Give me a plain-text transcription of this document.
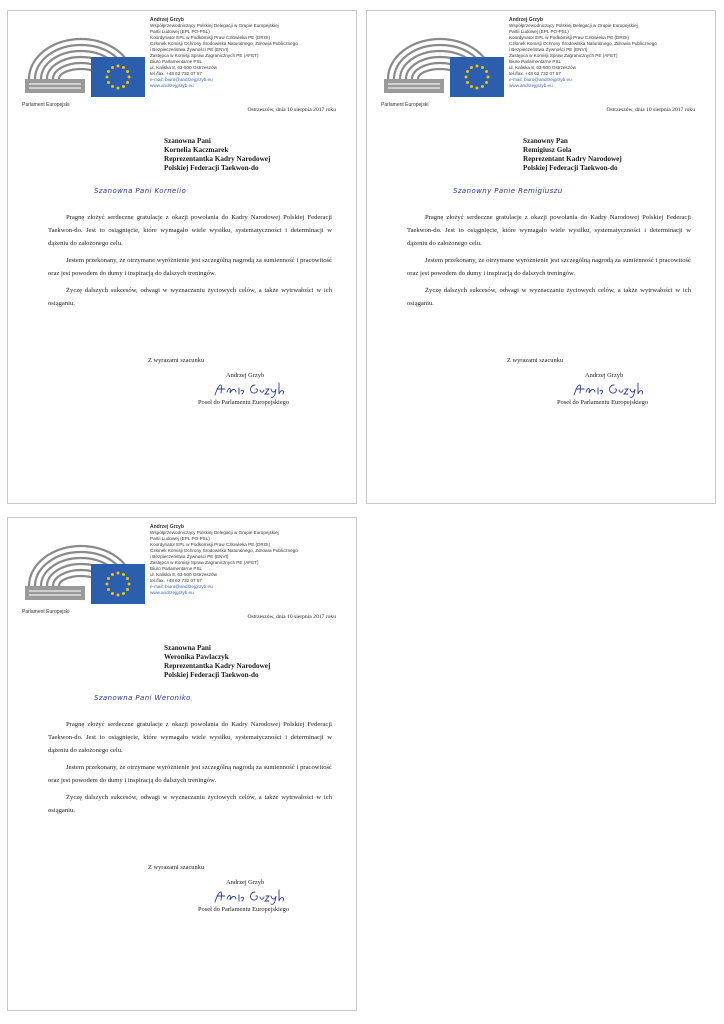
Parlament Europejski
Andrzej Grzyb
Współprzewodniczący Polskiej Delegacji w Grupie Europejskiej
Partii Ludowej (EPL PO-PSL)
Koordynator EPL w Podkomisji Praw Człowieka PE (DROI)
Członek Komisji Ochrony Środowiska Naturalnego, Zdrowia Publicznego
i Bezpieczeństwa Żywności PE (ENVI)
Zastępca w Komisji Spraw Zagranicznych PE (AFET)
Biuro Parlamentarne PSL
ul. Kaliska 8, 63-500 Ostrzeszów
tel./fax. +48 62 732 07 57
e-mail: biuro@andrzejgrzyb.eu
www.andrzejgrzyb.eu
Ostrzeszów, dnia 10 sierpnia 2017 roku
Szanowna Pani
Kornelia Kaczmarek
Reprezentantka Kadry Narodowej
Polskiej Federacji Taekwon-do
Szanowna Pani Kornelio

Pragnę złożyć serdeczne gratulacje z okazji powołania do Kadry Narodowej Polskiej Federacji Taekwon-do. Jest to osiągnięcie, które wymagało wiele wysiłku, systematyczności i determinacji w dążeniu do założonego celu.

Jestem przekonany, że otrzymane wyróżnienie jest szczególną nagrodą za sumienność i pracowitość oraz jest powodem do dumy i inspiracją do dalszych treningów.

Życzę dalszych sukcesów, odwagi w wyznaczaniu życiowych celów, a także wytrwałości w ich osiąganiu.

Z wyrazami szacunku
Andrzej Grzyb
Poseł do Parlamentu Europejskiego
Parlament Europejski
Andrzej Grzyb
Współprzewodniczący Polskiej Delegacji w Grupie Europejskiej
Partii Ludowej (EPL PO-PSL)
Koordynator EPL w Podkomisji Praw Człowieka PE (DROI)
Członek Komisji Ochrony Środowiska Naturalnego, Zdrowia Publicznego
i Bezpieczeństwa Żywności PE (ENVI)
Zastępca w Komisji Spraw Zagranicznych PE (AFET)
Biuro Parlamentarne PSL
ul. Kaliska 8, 63-500 Ostrzeszów
tel./fax. +48 62 732 07 57
e-mail: biuro@andrzejgrzyb.eu
www.andrzejgrzyb.eu
Ostrzeszów, dnia 10 sierpnia 2017 roku
Szanowny Pan
Remigiusz Gola
Reprezentant Kadry Narodowej
Polskiej Federacji Taekwon-do
Szanowny Panie Remigiuszu

Pragnę złożyć serdeczne gratulacje z okazji powołania do Kadry Narodowej Polskiej Federacji Taekwon-do. Jest to osiągnięcie, które wymagało wiele wysiłku, systematyczności i determinacji w dążeniu do założonego celu.

Jestem przekonany, że otrzymane wyróżnienie jest szczególną nagrodą za sumienność i pracowitość oraz jest powodem do dumy i inspiracją do dalszych treningów.

Życzę dalszych sukcesów, odwagi w wyznaczaniu życiowych celów, a także wytrwałości w ich osiąganiu.

Z wyrazami szacunku
Andrzej Grzyb
Poseł do Parlamentu Europejskiego
Parlament Europejski
Andrzej Grzyb
Współprzewodniczący Polskiej Delegacji w Grupie Europejskiej
Partii Ludowej (EPL PO-PSL)
Koordynator EPL w Podkomisji Praw Człowieka PE (DROI)
Członek Komisji Ochrony Środowiska Naturalnego, Zdrowia Publicznego
i Bezpieczeństwa Żywności PE (ENVI)
Zastępca w Komisji Spraw Zagranicznych PE (AFET)
Biuro Parlamentarne PSL
ul. Kaliska 8, 63-500 Ostrzeszów
tel./fax. +48 62 732 07 57
e-mail: biuro@andrzejgrzyb.eu
www.andrzejgrzyb.eu
Ostrzeszów, dnia 10 sierpnia 2017 roku
Szanowna Pani
Weronika Pawlaczyk
Reprezentantka Kadry Narodowej
Polskiej Federacji Taekwon-do
Szanowna Pani Weroniko

Pragnę złożyć serdeczne gratulacje z okazji powołania do Kadry Narodowej Polskiej Federacji Taekwon-do. Jest to osiągnięcie, które wymagało wiele wysiłku, systematyczności i determinacji w dążeniu do założonego celu.

Jestem przekonany, że otrzymane wyróżnienie jest szczególną nagrodą za sumienność i pracowitość oraz jest powodem do dumy i inspiracją do dalszych treningów.

Życzę dalszych sukcesów, odwagi w wyznaczaniu życiowych celów, a także wytrwałości w ich osiąganiu.

Z wyrazami szacunku
Andrzej Grzyb
Poseł do Parlamentu Europejskiego
